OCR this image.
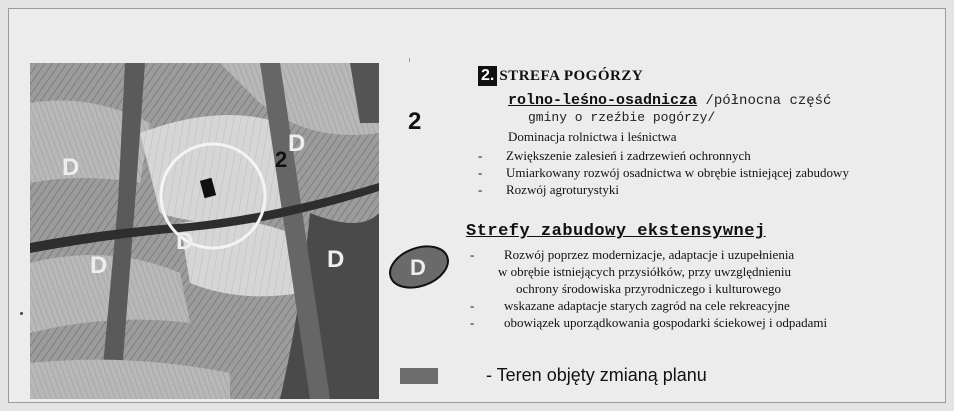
D
D
D
D	D
2
2
2. STREFA POGÓRZY
rolno-leśno-osadnicza /północna część
gminy o rzeźbie pogórzy/
Dominacja rolnictwa i leśnictwa
- Zwiększenie zalesień i zadrzewień ochronnych
- Umiarkowany rozwój osadnictwa w obrębie istniejącej zabudowy
- Rozwój agroturystyki
D
Strefy zabudowy ekstensywnej
- Rozwój poprzez modernizacje, adaptacje i uzupełnienia
w obrębie istniejących przysiółków, przy uwzględnieniu
ochrony środowiska przyrodniczego i kulturowego
- wskazane adaptacje starych zagród na cele rekreacyjne
- obowiązek uporządkowania gospodarki ściekowej i odpadami
- Teren objęty zmianą planu
